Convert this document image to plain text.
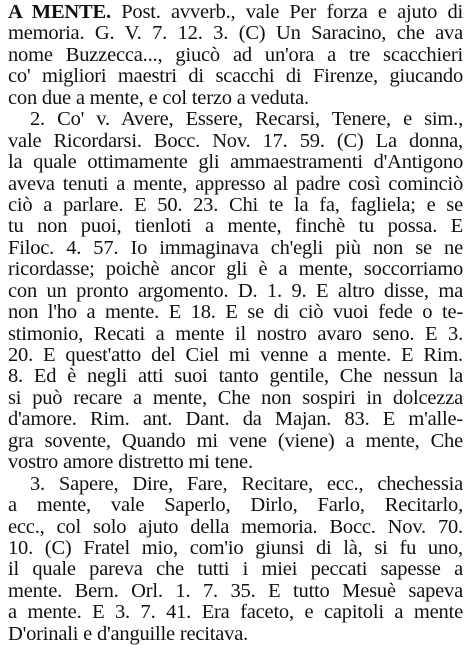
A MENTE. Post. avverb., vale Per forza e ajuto di
memoria. G. V. 7. 12. 3. (C) Un Saracino, che ava
nome Buzzecca..., giucò ad un'ora a tre scacchieri
co' migliori maestri di scacchi di Firenze, giucando
con due a mente, e col terzo a veduta.
2. Co' v. Avere, Essere, Recarsi, Tenere, e sim.,
vale Ricordarsi. Bocc. Nov. 17. 59. (C) La donna,
la quale ottimamente gli ammaestramenti d'Antigono
aveva tenuti a mente, appresso al padre così cominciò
ciò a parlare. E 50. 23. Chi te la fa, fagliela; e se
tu non puoi, tienloti a mente, finchè tu possa. E
Filoc. 4. 57. Io immaginava ch'egli più non se ne
ricordasse; poichè ancor gli è a mente, soccorriamo
con un pronto argomento. D. 1. 9. E altro disse, ma
non l'ho a mente. E 18. E se di ciò vuoi fede o te-
stimonio, Recati a mente il nostro avaro seno. E 3.
20. E quest'atto del Ciel mi venne a mente. E Rim.
8. Ed è negli atti suoi tanto gentile, Che nessun la
si può recare a mente, Che non sospiri in dolcezza
d'amore. Rim. ant. Dant. da Majan. 83. E m'alle-
gra sovente, Quando mi vene (viene) a mente, Che
vostro amore distretto mi tene.
3. Sapere, Dire, Fare, Recitare, ecc., chechessia
a mente, vale Saperlo, Dirlo, Farlo, Recitarlo,
ecc., col solo ajuto della memoria. Bocc. Nov. 70.
10. (C) Fratel mio, com'io giunsi di là, si fu uno,
il quale pareva che tutti i miei peccati sapesse a
mente. Bern. Orl. 1. 7. 35. E tutto Mesuè sapeva
a mente. E 3. 7. 41. Era faceto, e capitoli a mente
D'orinali e d'anguille recitava.
